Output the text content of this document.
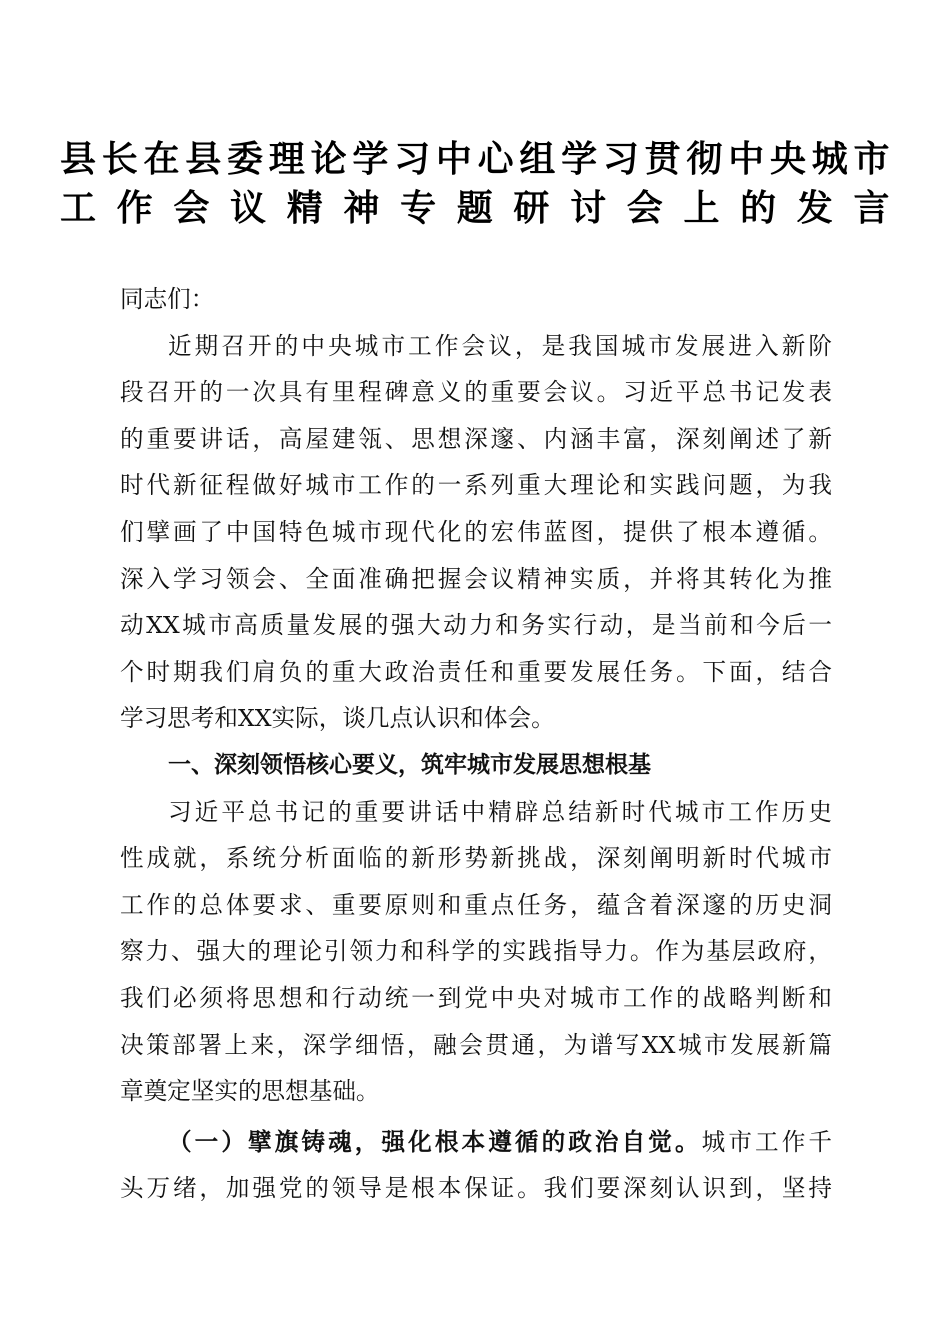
县长在县委理论学习中心组学习贯彻中央城市
工作会议精神专题研讨会上的发言

同志们：

近期召开的中央城市工作会议，是我国城市发展进入新阶
段召开的一次具有里程碑意义的重要会议。习近平总书记发表
的重要讲话，高屋建瓴、思想深邃、内涵丰富，深刻阐述了新
时代新征程做好城市工作的一系列重大理论和实践问题，为我
们擘画了中国特色城市现代化的宏伟蓝图，提供了根本遵循。
深入学习领会、全面准确把握会议精神实质，并将其转化为推
动XX城市高质量发展的强大动力和务实行动，是当前和今后一
个时期我们肩负的重大政治责任和重要发展任务。下面，结合
学习思考和XX实际，谈几点认识和体会。

一、深刻领悟核心要义，筑牢城市发展思想根基

习近平总书记的重要讲话中精辟总结新时代城市工作历史
性成就，系统分析面临的新形势新挑战，深刻阐明新时代城市
工作的总体要求、重要原则和重点任务，蕴含着深邃的历史洞
察力、强大的理论引领力和科学的实践指导力。作为基层政府，
我们必须将思想和行动统一到党中央对城市工作的战略判断和
决策部署上来，深学细悟，融会贯通，为谱写XX城市发展新篇
章奠定坚实的思想基础。

（一）擘旗铸魂，强化根本遵循的政治自觉。城市工作千
头万绪，加强党的领导是根本保证。我们要深刻认识到，坚持
